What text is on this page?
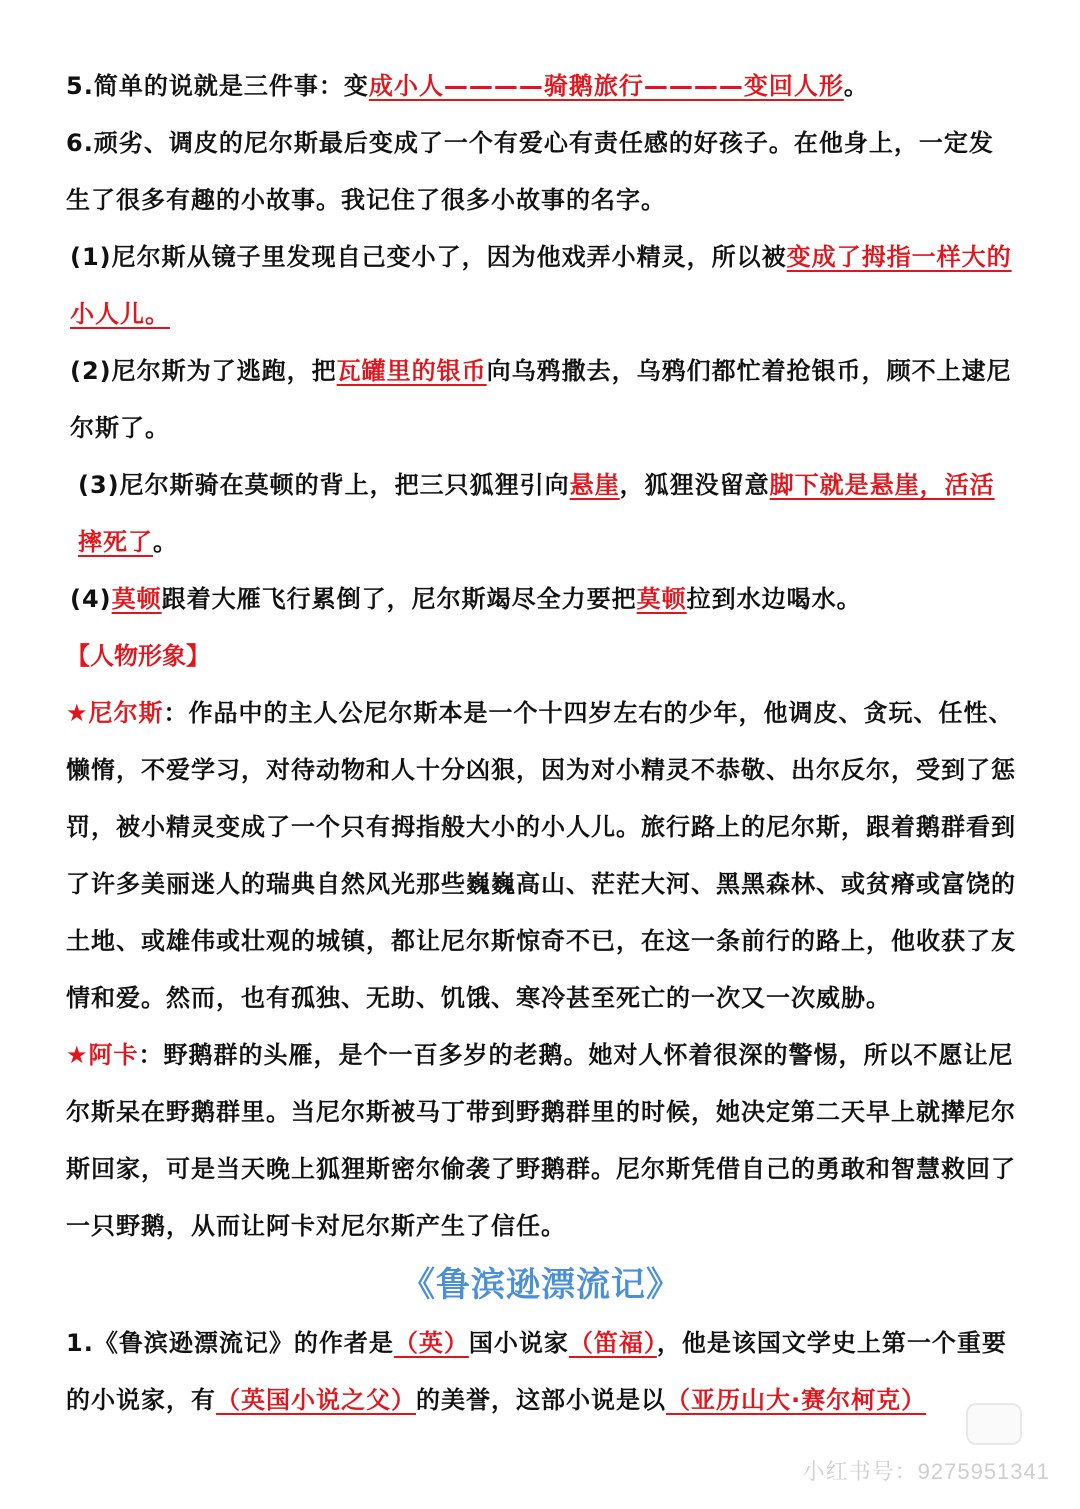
5.简单的说就是三件事：变成小人————骑鹅旅行————变回人形。

6.顽劣、调皮的尼尔斯最后变成了一个有爱心有责任感的好孩子。在他身上，一定发生了很多有趣的小故事。我记住了很多小故事的名字。

(1)尼尔斯从镜子里发现自己变小了，因为他戏弄小精灵，所以被变成了拇指一样大的小人儿。

(2)尼尔斯为了逃跑，把瓦罐里的银币向乌鸦撒去，乌鸦们都忙着抢银币，顾不上逮尼尔斯了。

(3)尼尔斯骑在莫顿的背上，把三只狐狸引向悬崖，狐狸没留意脚下就是悬崖，活活摔死了。

(4)莫顿跟着大雁飞行累倒了，尼尔斯竭尽全力要把莫顿拉到水边喝水。

【人物形象】

★尼尔斯：作品中的主人公尼尔斯本是一个十四岁左右的少年，他调皮、贪玩、任性、懒惰，不爱学习，对待动物和人十分凶狠，因为对小精灵不恭敬、出尔反尔，受到了惩罚，被小精灵变成了一个只有拇指般大小的小人儿。旅行路上的尼尔斯，跟着鹅群看到了许多美丽迷人的瑞典自然风光那些巍巍高山、茫茫大河、黑黑森林、或贫瘠或富饶的土地、或雄伟或壮观的城镇，都让尼尔斯惊奇不已，在这一条前行的路上，他收获了友情和爱。然而，也有孤独、无助、饥饿、寒冷甚至死亡的一次又一次威胁。

★阿卡：野鹅群的头雁，是个一百多岁的老鹅。她对人怀着很深的警惕，所以不愿让尼尔斯呆在野鹅群里。当尼尔斯被马丁带到野鹅群里的时候，她决定第二天早上就撵尼尔斯回家，可是当天晚上狐狸斯密尔偷袭了野鹅群。尼尔斯凭借自己的勇敢和智慧救回了一只野鹅，从而让阿卡对尼尔斯产生了信任。

《鲁滨逊漂流记》

1.《鲁滨逊漂流记》的作者是（英）国小说家（笛福），他是该国文学史上第一个重要的小说家，有（英国小说之父）的美誉，这部小说是以（亚历山大·赛尔柯克）

小红书号：9275951341
